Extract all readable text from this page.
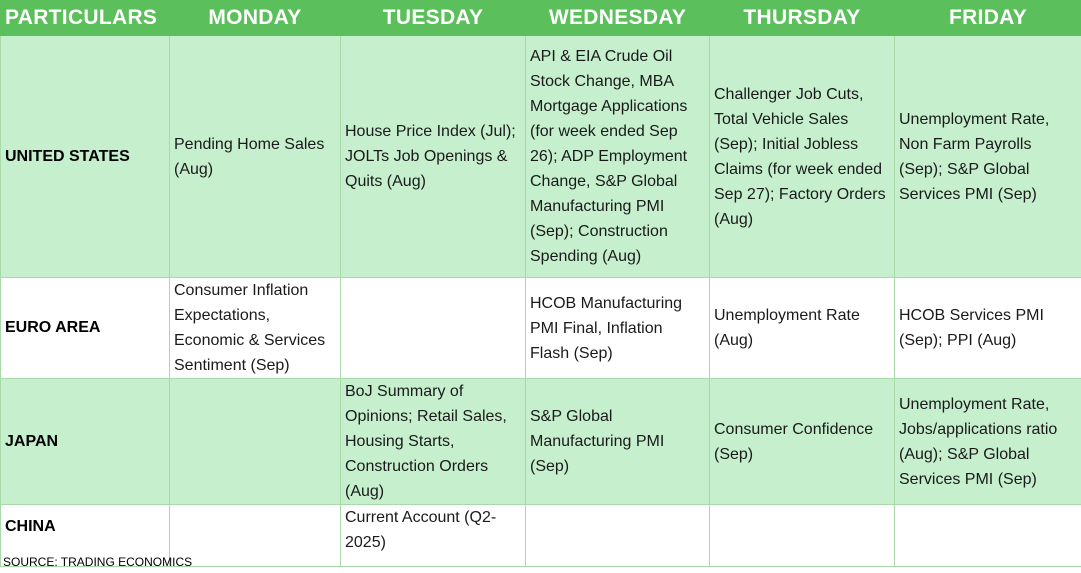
PARTICULARS	MONDAY	TUESDAY	WEDNESDAY	THURSDAY	FRIDAY
UNITED STATES	Pending Home Sales (Aug)	House Price Index (Jul); JOLTs Job Openings & Quits (Aug)	API & EIA Crude Oil Stock Change, MBA Mortgage Applications (for week ended Sep 26); ADP Employment Change, S&P Global Manufacturing PMI (Sep); Construction Spending (Aug)	Challenger Job Cuts, Total Vehicle Sales (Sep); Initial Jobless Claims (for week ended Sep 27); Factory Orders (Aug)	Unemployment Rate, Non Farm Payrolls (Sep); S&P Global Services PMI (Sep)
EURO AREA	Consumer Inflation Expectations, Economic & Services Sentiment (Sep)		HCOB Manufacturing PMI Final, Inflation Flash (Sep)	Unemployment Rate (Aug)	HCOB Services PMI (Sep); PPI (Aug)
JAPAN		BoJ Summary of Opinions; Retail Sales, Housing Starts, Construction Orders (Aug)	S&P Global Manufacturing PMI (Sep)	Consumer Confidence (Sep)	Unemployment Rate, Jobs/applications ratio (Aug); S&P Global Services PMI (Sep)
CHINA		Current Account (Q2-2025)			
SOURCE: TRADING ECONOMICS
